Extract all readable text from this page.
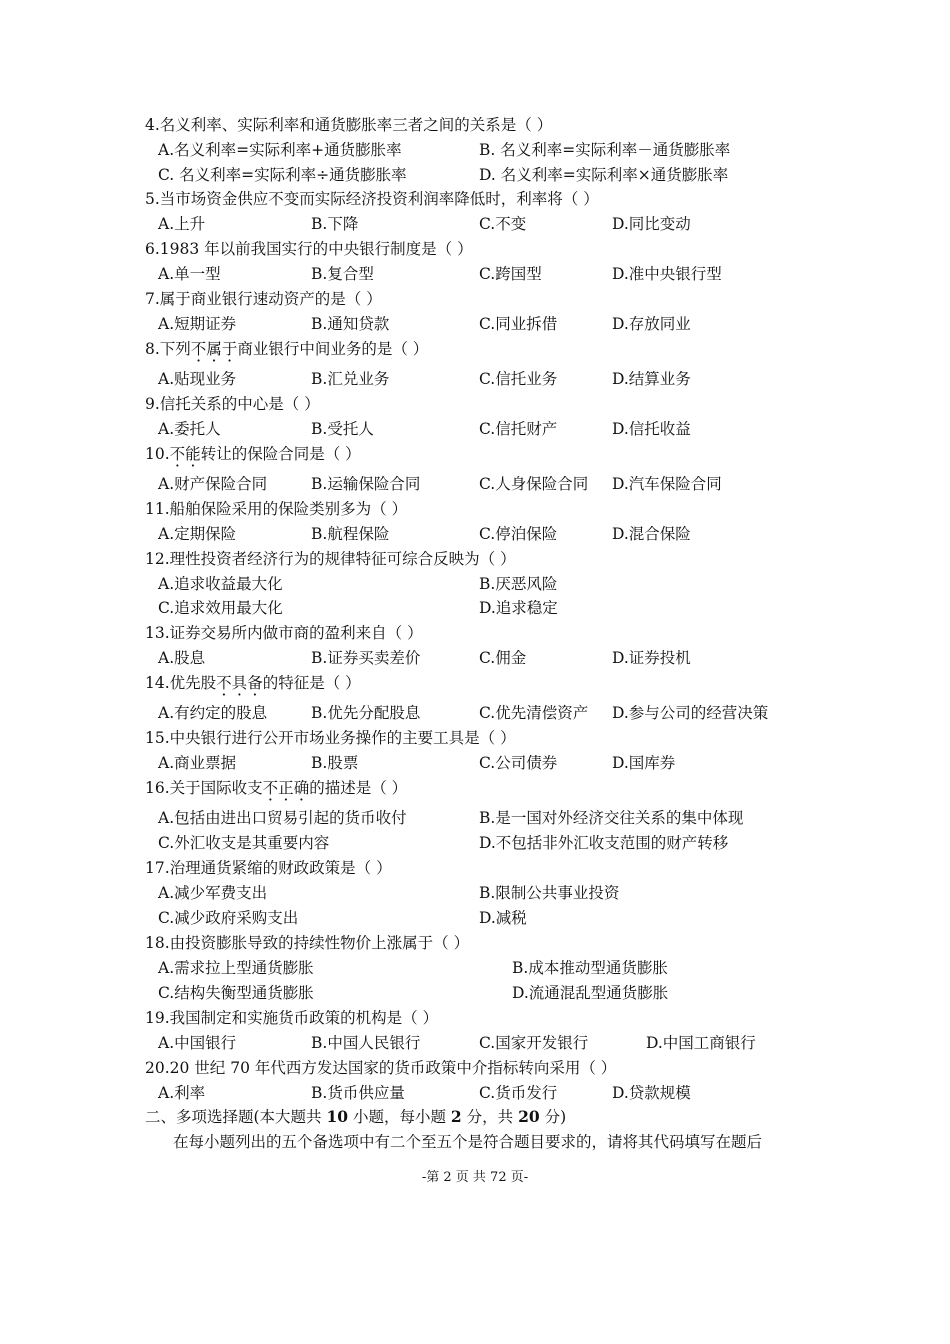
4.名义利率、实际利率和通货膨胀率三者之间的关系是（ ）
A.名义利率=实际利率+通货膨胀率	B. 名义利率=实际利率－通货膨胀率
C. 名义利率=实际利率÷通货膨胀率	D. 名义利率=实际利率×通货膨胀率
5.当市场资金供应不变而实际经济投资利润率降低时，利率将（ ）
A.上升	B.下降	C.不变	D.同比变动
6.1983 年以前我国实行的中央银行制度是（ ）
A.单一型	B.复合型	C.跨国型	D.准中央银行型
7.属于商业银行速动资产的是（ ）
A.短期证券	B.通知贷款	C.同业拆借	D.存放同业
8.下列不属于商业银行中间业务的是（ ）
A.贴现业务	B.汇兑业务	C.信托业务	D.结算业务
9.信托关系的中心是（ ）
A.委托人	B.受托人	C.信托财产	D.信托收益
10.不能转让的保险合同是（ ）
A.财产保险合同	B.运输保险合同	C.人身保险合同 D.汽车保险合同
11.船舶保险采用的保险类别多为（ ）
A.定期保险	B.航程保险	C.停泊保险	D.混合保险
12.理性投资者经济行为的规律特征可综合反映为（ ）
A.追求收益最大化	B.厌恶风险
C.追求效用最大化	D.追求稳定
13.证券交易所内做市商的盈利来自（ ）
A.股息	B.证券买卖差价	C.佣金	D.证券投机
14.优先股不具备的特征是（ ）
A.有约定的股息	B.优先分配股息	C.优先清偿资产 D.参与公司的经营决策
15.中央银行进行公开市场业务操作的主要工具是（ ）
A.商业票据	B.股票	C.公司债券	D.国库券
16.关于国际收支不正确的描述是（ ）
A.包括由进出口贸易引起的货币收付	B.是一国对外经济交往关系的集中体现
C.外汇收支是其重要内容	D.不包括非外汇收支范围的财产转移
17.治理通货紧缩的财政政策是（ ）
A.减少军费支出	B.限制公共事业投资
C.减少政府采购支出	D.减税
18.由投资膨胀导致的持续性物价上涨属于（ ）
A.需求拉上型通货膨胀	B.成本推动型通货膨胀
C.结构失衡型通货膨胀	D.流通混乱型通货膨胀
19.我国制定和实施货币政策的机构是（ ）
A.中国银行	B.中国人民银行	C.国家开发银行	D.中国工商银行
20.20 世纪 70 年代西方发达国家的货币政策中介指标转向采用（ ）
A.利率	B.货币供应量	C.货币发行	D.贷款规模
二、多项选择题(本大题共 10 小题，每小题 2 分，共 20 分)
在每小题列出的五个备选项中有二个至五个是符合题目要求的，请将其代码填写在题后
-第 2 页 共 72 页-
